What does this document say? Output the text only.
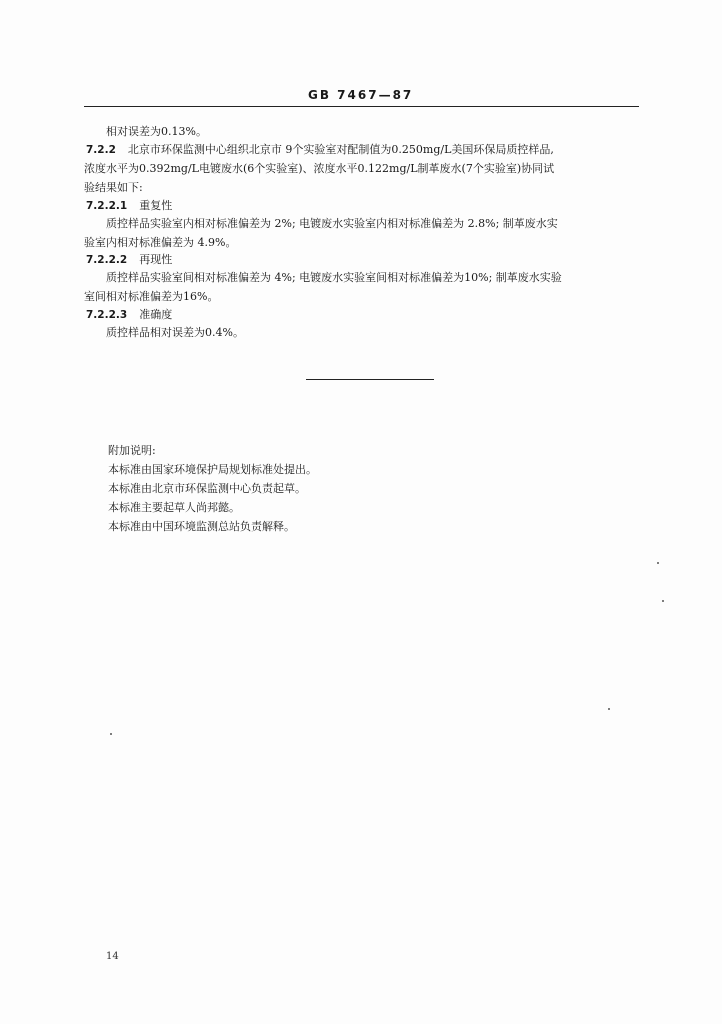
GB 7467—87
相对误差为0.13%。
7.2.2 北京市环保监测中心组织北京市 9个实验室对配制值为0.250mg/L美国环保局质控样品,
浓度水平为0.392mg/L电镀废水(6个实验室)、浓度水平0.122mg/L制革废水(7个实验室)协同试
验结果如下:
7.2.2.1 重复性
质控样品实验室内相对标准偏差为 2%; 电镀废水实验室内相对标准偏差为 2.8%; 制革废水实
验室内相对标准偏差为 4.9%。
7.2.2.2 再现性
质控样品实验室间相对标准偏差为 4%; 电镀废水实验室间相对标准偏差为10%; 制革废水实验
室间相对标准偏差为16%。
7.2.2.3 准确度
质控样品相对误差为0.4%。
附加说明:
本标准由国家环境保护局规划标准处提出。
本标准由北京市环保监测中心负责起草。
本标准主要起草人尚邦懿。
本标准由中国环境监测总站负责解释。
14
